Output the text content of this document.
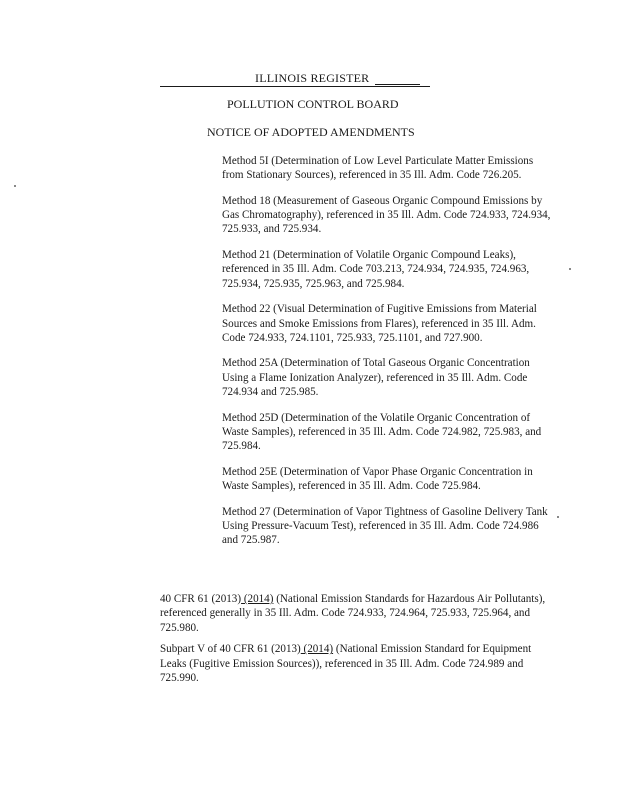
ILLINOIS REGISTER
POLLUTION CONTROL BOARD
NOTICE OF ADOPTED AMENDMENTS
Method 5I (Determination of Low Level Particulate Matter Emissions from Stationary Sources), referenced in 35 Ill. Adm. Code 726.205.
Method 18 (Measurement of Gaseous Organic Compound Emissions by Gas Chromatography), referenced in 35 Ill. Adm. Code 724.933, 724.934, 725.933, and 725.934.
Method 21 (Determination of Volatile Organic Compound Leaks), referenced in 35 Ill. Adm. Code 703.213, 724.934, 724.935, 724.963, 725.934, 725.935, 725.963, and 725.984.
Method 22 (Visual Determination of Fugitive Emissions from Material Sources and Smoke Emissions from Flares), referenced in 35 Ill. Adm. Code 724.933, 724.1101, 725.933, 725.1101, and 727.900.
Method 25A (Determination of Total Gaseous Organic Concentration Using a Flame Ionization Analyzer), referenced in 35 Ill. Adm. Code 724.934 and 725.985.
Method 25D (Determination of the Volatile Organic Concentration of Waste Samples), referenced in 35 Ill. Adm. Code 724.982, 725.983, and 725.984.
Method 25E (Determination of Vapor Phase Organic Concentration in Waste Samples), referenced in 35 Ill. Adm. Code 725.984.
Method 27 (Determination of Vapor Tightness of Gasoline Delivery Tank Using Pressure-Vacuum Test), referenced in 35 Ill. Adm. Code 724.986 and 725.987.
40 CFR 61 (2013) (2014) (National Emission Standards for Hazardous Air Pollutants), referenced generally in 35 Ill. Adm. Code 724.933, 724.964, 725.933, 725.964, and 725.980.
Subpart V of 40 CFR 61 (2013) (2014) (National Emission Standard for Equipment Leaks (Fugitive Emission Sources)), referenced in 35 Ill. Adm. Code 724.989 and 725.990.
